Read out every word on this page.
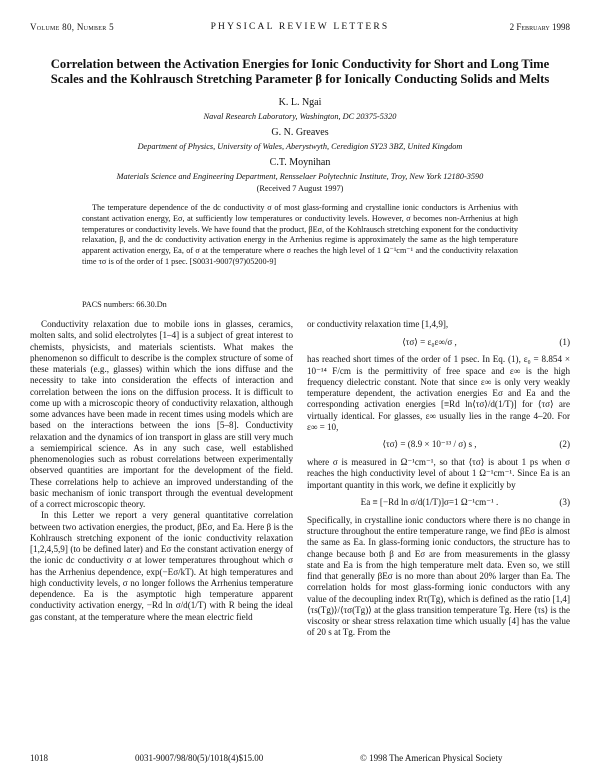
Volume 80, Number 5	PHYSICAL REVIEW LETTERS	2 February 1998
Correlation between the Activation Energies for Ionic Conductivity for Short and Long Time
Scales and the Kohlrausch Stretching Parameter β for Ionically Conducting Solids and Melts
K. L. Ngai
Naval Research Laboratory, Washington, DC 20375-5320
G. N. Greaves
Department of Physics, University of Wales, Aberystwyth, Ceredigion SY23 3BZ, United Kingdom
C.T. Moynihan
Materials Science and Engineering Department, Rensselaer Polytechnic Institute, Troy, New York 12180-3590
(Received 7 August 1997)

The temperature dependence of the dc conductivity σ of most glass-forming and crystalline ionic conductors is Arrhenius with constant activation energy, Eσ, at sufficiently low temperatures or conductivity levels. However, σ becomes non-Arrhenius at high temperatures or conductivity levels. We have found that the product, βEσ, of the Kohlrausch stretching exponent for the conductivity relaxation, β, and the dc conductivity activation energy in the Arrhenius regime is approximately the same as the high temperature apparent activation energy, Ea, of σ at the temperature where σ reaches the high level of 1 Ω⁻¹cm⁻¹ and the conductivity relaxation time τσ is of the order of 1 psec. [S0031-9007(97)05200-9]

PACS numbers: 66.30.Dn

Conductivity relaxation due to mobile ions in glasses, ceramics, molten salts, and solid electrolytes [1–4] is a subject of great interest to chemists, physicists, and materials scientists. What makes the phenomenon so difficult to describe is the complex structure of some of these materials (e.g., glasses) within which the ions diffuse and the necessity to take into consideration the effects of interaction and correlation between the ions on the diffusion process. It is difficult to come up with a microscopic theory of conductivity relaxation, although some advances have been made in recent times using models which are based on the interactions between the ions [5–8]. Conductivity relaxation and the dynamics of ion transport in glass are still very much a semiempirical science. As in any such case, well established phenomenologies such as robust correlations between experimentally observed quantities are important for the development of the field. These correlations help to achieve an improved understanding of the basic mechanism of ionic transport through the eventual development of a correct microscopic theory.

In this Letter we report a very general quantitative correlation between two activation energies, the product, βEσ, and Ea. Here β is the Kohlrausch stretching exponent of the ionic conductivity relaxation [1,2,4,5,9] (to be defined later) and Eσ the constant activation energy of the ionic dc conductivity σ at lower temperatures throughout which σ has the Arrhenius dependence, exp(−Eσ/kT). At high temperatures and high conductivity levels, σ no longer follows the Arrhenius temperature dependence. Ea is the asymptotic high temperature apparent conductivity activation energy, −Rd ln σ/d(1/T) with R being the ideal gas constant, at the temperature where the mean electric field

or conductivity relaxation time [1,4,9],

⟨τσ⟩ = ε₀ε∞/σ ,	(1)

has reached short times of the order of 1 psec. In Eq. (1), ε₀ = 8.854 × 10⁻¹⁴ F/cm is the permittivity of free space and ε∞ is the high frequency dielectric constant. Note that since ε∞ is only very weakly temperature dependent, the activation energies Eσ and Ea and the corresponding activation energies [≡Rd ln⟨τσ⟩/d(1/T)] for ⟨τσ⟩ are virtually identical. For glasses, ε∞ usually lies in the range 4–20. For ε∞ = 10,

⟨τσ⟩ = (8.9 × 10⁻¹³ / σ) s ,	(2)

where σ is measured in Ω⁻¹cm⁻¹, so that ⟨τσ⟩ is about 1 ps when σ reaches the high conductivity level of about 1 Ω⁻¹cm⁻¹. Since Ea is an important quantity in this work, we define it explicitly by

Ea ≡ [−Rd ln σ/d(1/T)]σ=1 Ω⁻¹cm⁻¹ .	(3)

Specifically, in crystalline ionic conductors where there is no change in structure throughout the entire temperature range, we find βEσ is almost the same as Ea. In glass-forming ionic conductors, the structure has to change because both β and Eσ are from measurements in the glassy state and Ea is from the high temperature melt data. Even so, we still find that generally βEσ is no more than about 20% larger than Ea. The correlation holds for most glass-forming ionic conductors with any value of the decoupling index Rτ(Tg), which is defined as the ratio [1,4] ⟨τs(Tg)⟩/⟨τσ(Tg)⟩ at the glass transition temperature Tg. Here ⟨τs⟩ is the viscosity or shear stress relaxation time which usually [4] has the value of 20 s at Tg. From the

1018	0031-9007/98/80(5)/1018(4)$15.00	© 1998 The American Physical Society
